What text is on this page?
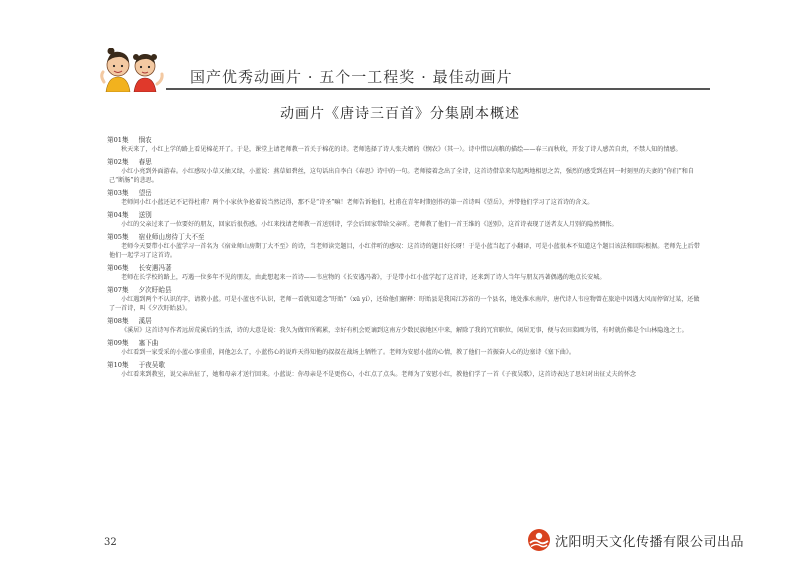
国产优秀动画片 · 五个一工程奖 · 最佳动画片
动画片《唐诗三百首》分集剧本概述
第01集 悯农

秋天来了，小红上学的路上看见棉花开了。于是，课堂上请老师教一首关于棉花的诗。老师选择了诗人张夫婿的《悯农》（其一）。诗中惜以高粮的描绘——春三而秋收，开发了诗人感苦自责，不禁人知的情感。

第02集 春思

小红小亮到外面游春。小红感叹小草又抽又绿，小蓝说：燕草如碧丝，这句话出自李白《春思》诗中的一句。老师接着念出了全诗，这首诗借草来勾起两地相思之苦，强烈的感受到在同一时刻里的夫妻的“你们”和自己“断肠”的悲思。

第03集 望岳

老师问小红小蓝还记不记得杜甫？两个小家伙争抢着说当然记得，那不是“诗圣”嘛！老师告诉他们，杜甫在青年时期创作的第一首诗叫《望岳》，并带他们学习了这首诗的含义。

第04集 送别

小红的父亲过来了一位要好的朋友，回家后很伤感。小红来找请老师教一首送别诗，学会后回家带给父亲听。老师教了他们一首王维的《送别》，这首诗表现了送者友人月别的隐然惆怅。

第05集 宿业师山房待丁大不至

老师今天要带小红小蓝学习一首名为《宿业师山房期丁大不至》的诗，当老师读完题目，小红伴听的感叹：这首诗的题目好长呀！于是小蓝当起了小翻译，可是小蓝很本不知道这个题目该法和回际根据。老师先上后带他们一起学习了这首诗。

第06集 长安遇冯著

老师在长学校的路上，巧遇一位多年不见的朋友，由此想起来一首诗——韦应物的《长安遇冯著》，于是带小红小蓝学起了这首诗，还来到了诗人当年与朋友冯著偶遇的地点长安城。

第07集 夕次盱眙县

小红遇到两个不认识的字，请教小蓝。可是小蓝也不认识，老师一看就知道念“盱眙”（xū yí），还给他们解释：盱眙县是我国江苏省的一个县名，地处淮水南岸，唐代诗人韦应物曾在旅途中因遇大风而停留过某，还做了一首诗，叫《夕次盱眙县》。

第08集 溪居

《溪居》这首诗写作者远居荒溪后的生活，诗的大意是说：我久为做官所羁累，幸好有机会贬谪到这南方少数民族地区中来，解除了我的冗官职位，闲居无事，便与农田菜圃为邻，有时就仿佛是个山林隐逸之士。

第09集 塞下曲

小红看到一家受采的小蓝心事重重，问他怎么了，小蓝伤心的说昨天得知他的叔叔在战场上牺牲了。老师为安慰小蓝的心情，教了他们一首振奋人心的边塞诗《塞下曲》。

第10集 于夜吴歌

小红看来到教室，说父亲出征了，她和母亲才送行回来。小蓝说：你母亲是不是更伤心，小红点了点头。老师为了安慰小红，教他们学了一首《子夜吴歌》，这首诗表达了思妇对出征丈夫的怀念

32	沈阳明天文化传播有限公司出品
